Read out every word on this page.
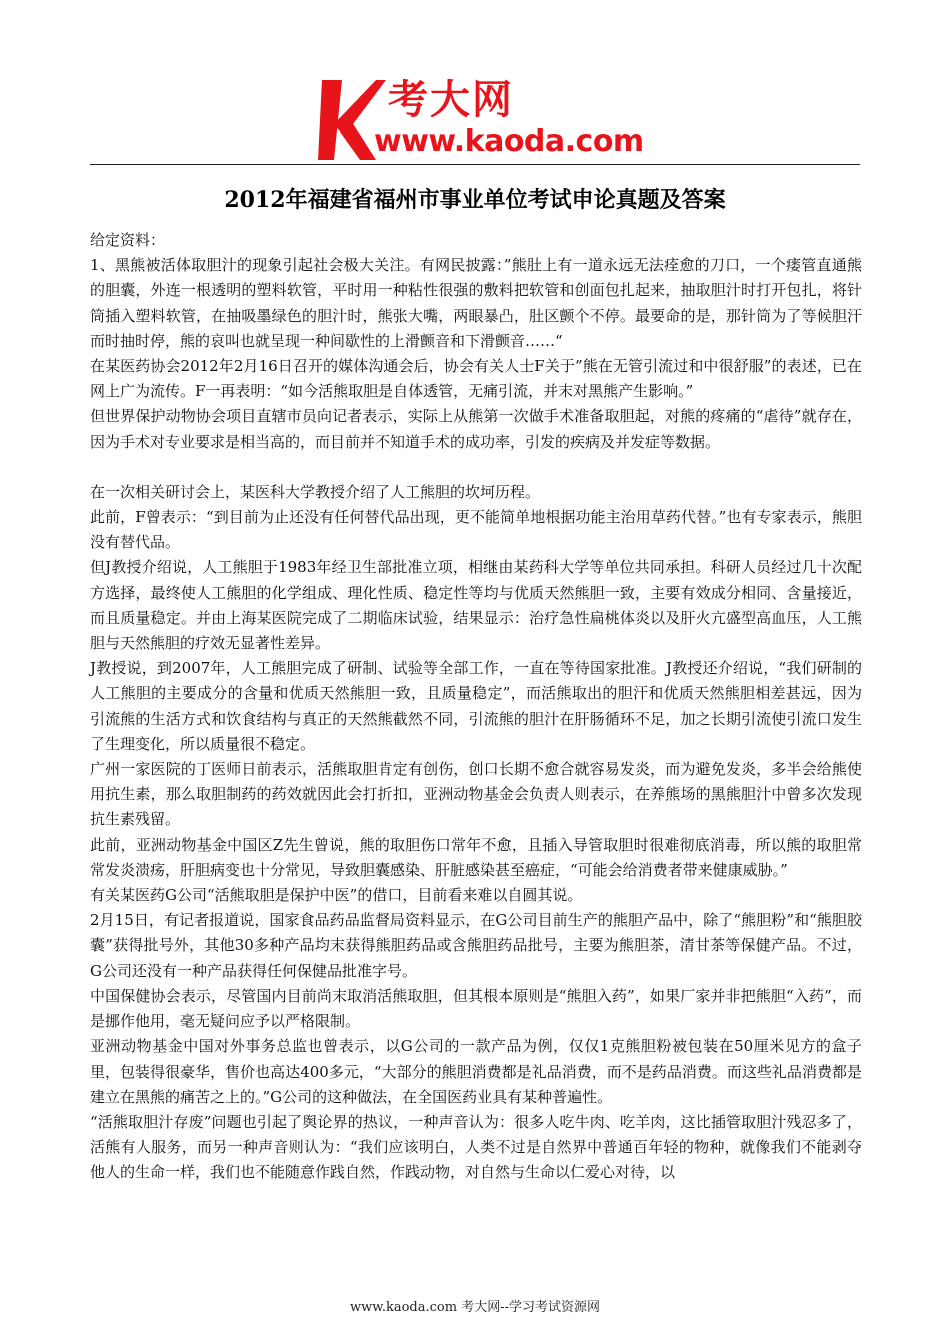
考大网
www.kaoda.com
2012年福建省福州市事业单位考试申论真题及答案

给定资料：

1、黑熊被活体取胆汁的现象引起社会极大关注。有网民披露：”熊肚上有一道永远无法痊愈的刀口，一个瘘管直通熊的胆囊，外连一根透明的塑料软管，平时用一种粘性很强的敷料把软管和创面包扎起来，抽取胆汁时打开包扎，将针筒插入塑料软管，在抽吸墨绿色的胆汁时，熊张大嘴，两眼暴凸，肚区颤个不停。最要命的是，那针筒为了等候胆汗而时抽时停，熊的哀叫也就呈现一种间歇性的上滑颤音和下滑颤音……“

在某医药协会2012年2月16日召开的媒体沟通会后，协会有关人士F关于”熊在无管引流过和中很舒服”的表述，已在网上广为流传。F一再表明：“如今活熊取胆是自体透管，无痛引流，并末对黑熊产生影响。”

但世界保护动物协会项目直辖市员向记者表示，实际上从熊第一次做手术准备取胆起，对熊的疼痛的“虐待”就存在，因为手术对专业要求是相当高的，而目前并不知道手术的成功率，引发的疾病及并发症等数据。

在一次相关研讨会上，某医科大学教授介绍了人工熊胆的坎坷历程。

此前，F曾表示：“到目前为止还没有任何替代品出现，更不能简单地根据功能主治用草药代替。”也有专家表示，熊胆没有替代品。

但J教授介绍说，人工熊胆于1983年经卫生部批准立项，相继由某药科大学等单位共同承担。科研人员经过几十次配方选择，最终使人工熊胆的化学组成、理化性质、稳定性等均与优质天然熊胆一致，主要有效成分相同、含量接近，而且质量稳定。并由上海某医院完成了二期临床试验，结果显示：治疗急性扁桃体炎以及肝火亢盛型高血压，人工熊胆与天然熊胆的疗效无显著性差异。

J教授说，到2007年，人工熊胆完成了研制、试验等全部工作，一直在等待国家批准。J教授还介绍说，“我们研制的人工熊胆的主要成分的含量和优质天然熊胆一致，且质量稳定”，而活熊取出的胆汗和优质天然熊胆相差甚远，因为引流熊的生活方式和饮食结构与真正的天然熊截然不同，引流熊的胆汁在肝肠循环不足，加之长期引流使引流口发生了生理变化，所以质量很不稳定。

广州一家医院的丁医师日前表示，活熊取胆肯定有创伤，创口长期不愈合就容易发炎，而为避免发炎，多半会给熊使用抗生素，那么取胆制药的药效就因此会打折扣，亚洲动物基金会负责人则表示，在养熊场的黑熊胆汁中曾多次发现抗生素残留。

此前，亚洲动物基金中国区Z先生曾说，熊的取胆伤口常年不愈，且插入导管取胆时很难彻底消毒，所以熊的取胆常常发炎溃疡，肝胆病变也十分常见，导致胆囊感染、肝脏感染甚至癌症，“可能会给消费者带来健康威胁。”

有关某医药G公司“活熊取胆是保护中医”的借口，目前看来难以自圆其说。

2月15日，有记者报道说，国家食品药品监督局资料显示，在G公司目前生产的熊胆产品中，除了“熊胆粉”和“熊胆胶囊”获得批号外，其他30多种产品均末获得熊胆药品或含熊胆药品批号，主要为熊胆茶，清甘茶等保健产品。不过，G公司还没有一种产品获得任何保健品批准字号。

中国保健协会表示，尽管国内目前尚末取消活熊取胆，但其根本原则是“熊胆入药”，如果厂家并非把熊胆“入药”，而是挪作他用，毫无疑问应予以严格限制。

亚洲动物基金中国对外事务总监也曾表示，以G公司的一款产品为例，仅仅1克熊胆粉被包装在50厘米见方的盒子里，包装得很豪华，售价也高达400多元，“大部分的熊胆消费都是礼品消费，而不是药品消费。而这些礼品消费都是建立在黑熊的痛苦之上的。”G公司的这种做法，在全国医药业具有某种普遍性。

“活熊取胆汁存废”问题也引起了舆论界的热议，一种声音认为：很多人吃牛肉、吃羊肉，这比插管取胆汁残忍多了，活熊有人服务，而另一种声音则认为：“我们应该明白，人类不过是自然界中普通百年轻的物种，就像我们不能剥夺他人的生命一样，我们也不能随意作践自然，作践动物，对自然与生命以仁爱心对待，以

www.kaoda.com 考大网--学习考试资源网
